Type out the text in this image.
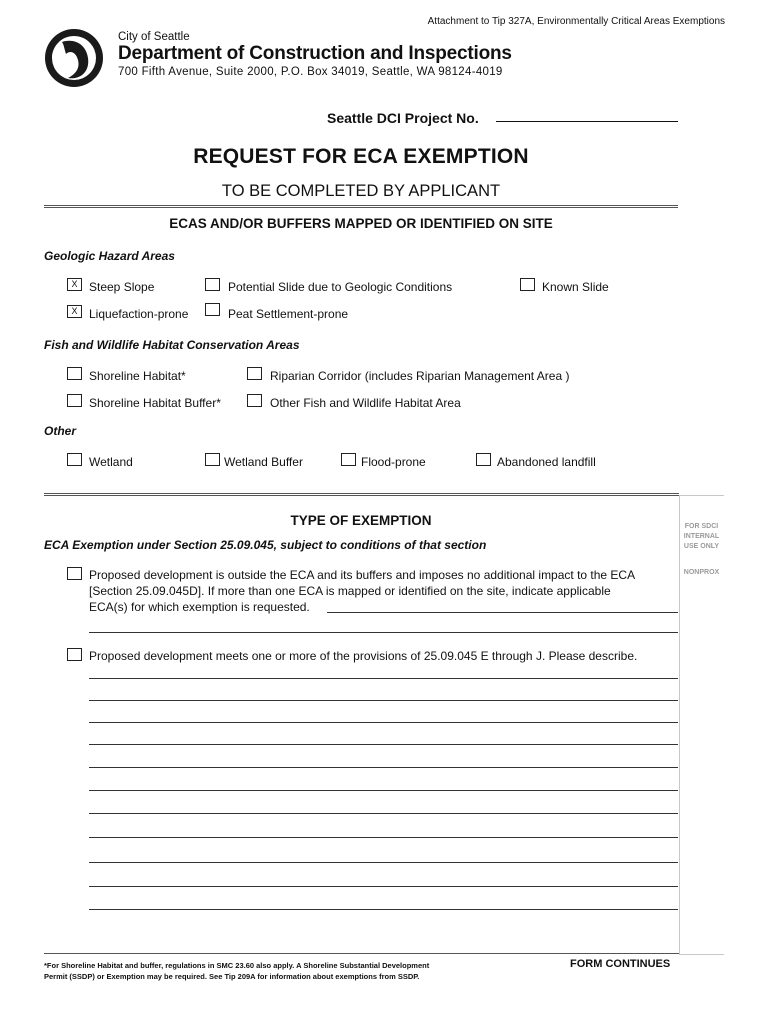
Attachment to Tip 327A, Environmentally Critical Areas Exemptions
City of Seattle
Department of Construction and Inspections
700 Fifth Avenue, Suite 2000, P.O. Box 34019, Seattle, WA 98124-4019
Seattle DCI Project No.
REQUEST FOR ECA EXEMPTION
TO BE COMPLETED BY APPLICANT
ECAS AND/OR BUFFERS MAPPED OR IDENTIFIED ON SITE
Geologic Hazard Areas
X Steep Slope	Potential Slide due to Geologic Conditions	Known Slide
X Liquefaction-prone	Peat Settlement-prone
Fish and Wildlife Habitat Conservation Areas
Shoreline Habitat*	Riparian Corridor (includes Riparian Management Area )
Shoreline Habitat Buffer*	Other Fish and Wildlife Habitat Area
Other
Wetland	Wetland Buffer	Flood-prone	Abandoned landfill
FOR SDCI INTERNAL USE ONLY
NONPROX
TYPE OF EXEMPTION
ECA Exemption under Section 25.09.045, subject to conditions of that section
Proposed development is outside the ECA and its buffers and imposes no additional impact to the ECA
[Section 25.09.045D]. If more than one ECA is mapped or identified on the site, indicate applicable
ECA(s) for which exemption is requested.
Proposed development meets one or more of the provisions of 25.09.045 E through J. Please describe.
*For Shoreline Habitat and buffer, regulations in SMC 23.60 also apply. A Shoreline Substantial Development
Permit (SSDP) or Exemption may be required. See Tip 209A for information about exemptions from SSDP.
FORM CONTINUES
